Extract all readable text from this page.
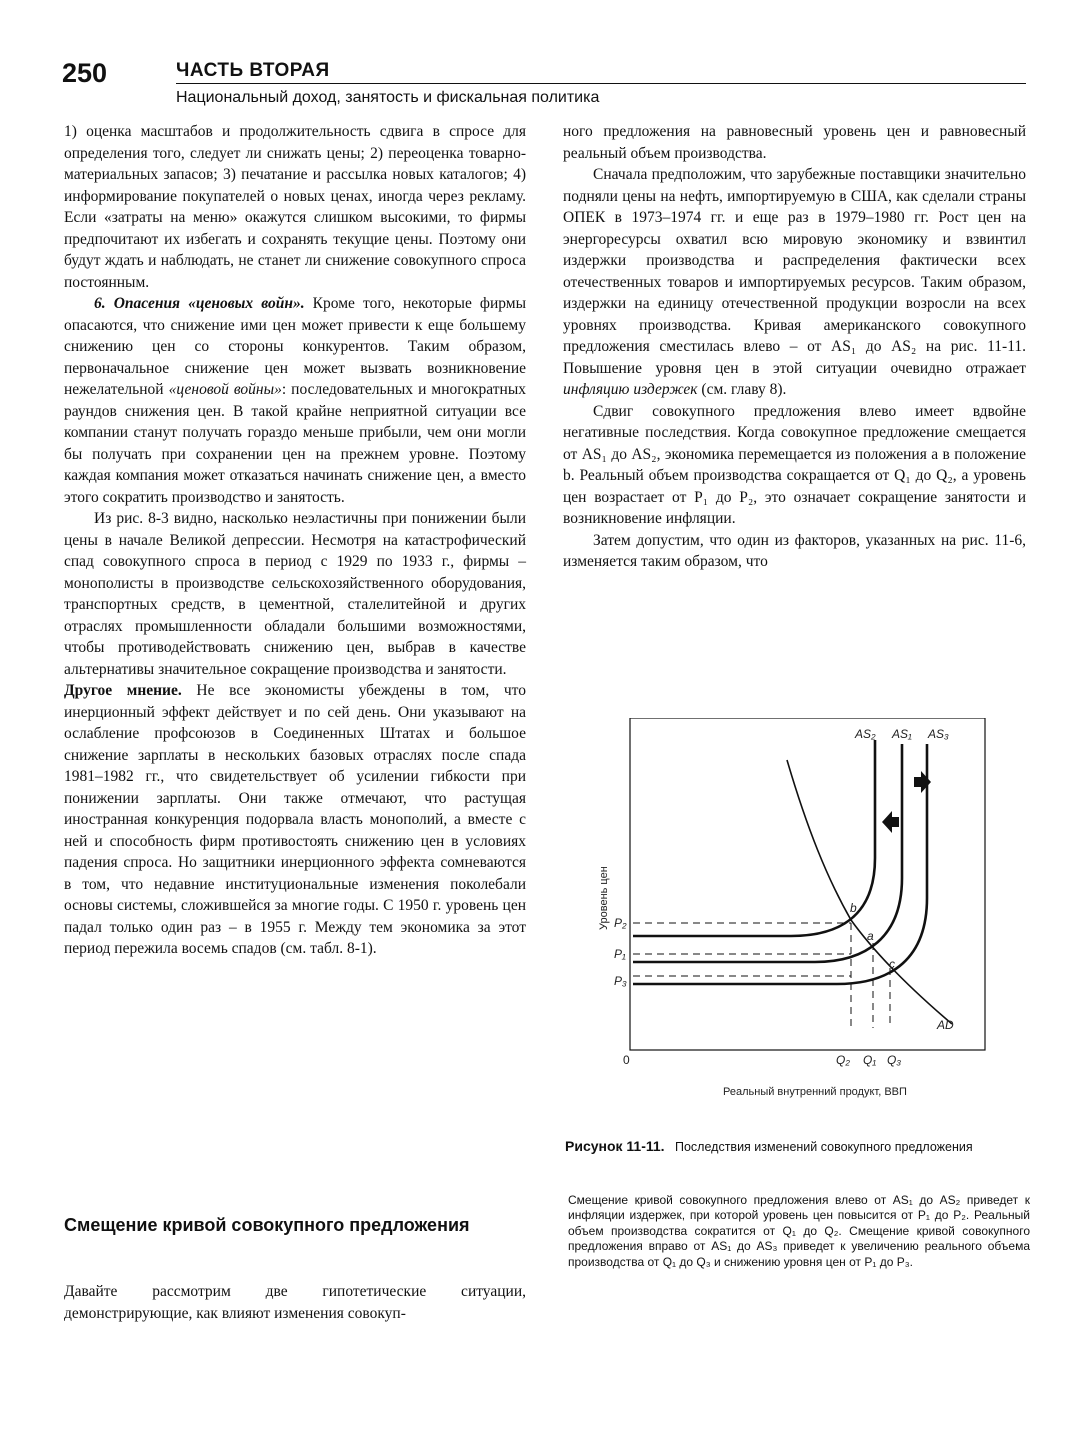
250	ЧАСТЬ ВТОРАЯ
Национальный доход, занятость и фискальная политика

1) оценка масштабов и продолжительность сдвига в спросе для определения того, следует ли снижать цены; 2) переоценка товарно-материальных запасов; 3) печатание и рассылка новых каталогов; 4) информирование покупателей о новых ценах, иногда через рекламу. Если «затраты на меню» окажутся слишком высокими, то фирмы предпочитают их избегать и сохранять текущие цены. Поэтому они будут ждать и наблюдать, не станет ли снижение совокупного спроса постоянным.

6. Опасения «ценовых войн». Кроме того, некоторые фирмы опасаются, что снижение ими цен может привести к еще большему снижению цен со стороны конкурентов. Таким образом, первоначальное снижение цен может вызвать возникновение нежелательной «ценовой войны»: последовательных и многократных раундов снижения цен. В такой крайне неприятной ситуации все компании станут получать гораздо меньше прибыли, чем они могли бы получать при сохранении цен на прежнем уровне. Поэтому каждая компания может отказаться начинать снижение цен, а вместо этого сократить производство и занятость.

Из рис. 8-3 видно, насколько неэластичны при понижении были цены в начале Великой депрессии. Несмотря на катастрофический спад совокупного спроса в период с 1929 по 1933 г., фирмы – монополисты в производстве сельскохозяйственного оборудования, транспортных средств, в цементной, сталелитейной и других отраслях промышленности обладали большими возможностями, чтобы противодействовать снижению цен, выбрав в качестве альтернативы значительное сокращение производства и занятости.

Другое мнение. Не все экономисты убеждены в том, что инерционный эффект действует и по сей день. Они указывают на ослабление профсоюзов в Соединенных Штатах и большое снижение зарплаты в нескольких базовых отраслях после спада 1981–1982 гг., что свидетельствует об усилении гибкости при понижении зарплаты. Они также отмечают, что растущая иностранная конкуренция подорвала власть монополий, а вместе с ней и способность фирм противостоять снижению цен в условиях падения спроса. Но защитники инерционного эффекта сомневаются в том, что недавние институциональные изменения поколебали основы системы, сложившейся за многие годы. С 1950 г. уровень цен падал только один раз – в 1955 г. Между тем экономика за этот период пережила восемь спадов (см. табл. 8-1).

Смещение кривой совокупного предложения
Давайте рассмотрим две гипотетические ситуации, демонстрирующие, как влияют изменения совокуп-

ного предложения на равновесный уровень цен и равновесный реальный объем производства.

Сначала предположим, что зарубежные поставщики значительно подняли цены на нефть, импортируемую в США, как сделали страны ОПЕК в 1973–1974 гг. и еще раз в 1979–1980 гг. Рост цен на энергоресурсы охватил всю мировую экономику и взвинтил издержки производства и распределения фактически всех отечественных товаров и импортируемых ресурсов. Таким образом, издержки на единицу отечественной продукции возросли на всех уровнях производства. Кривая американского совокупного предложения сместилась влево – от AS₁ до AS₂ на рис. 11-11. Повышение уровня цен в этой ситуации очевидно отражает инфляцию издержек (см. главу 8).

Сдвиг совокупного предложения влево имеет вдвойне негативные последствия. Когда совокупное предложение смещается от AS₁ до AS₂, экономика перемещается из положения a в положение b. Реальный объем производства сокращается от Q₁ до Q₂, а уровень цен возрастает от P₁ до P₂, это означает сокращение занятости и возникновение инфляции.

Затем допустим, что один из факторов, указанных на рис. 11-6, изменяется таким образом, что

AS₂ AS₁ AS₃
AD
a
b
c
P₂
P₁
P₃
Q₂ Q₁ Q₃
0
Уровень цен
Реальный внутренний продукт, ВВП
Рисунок 11-11. Последствия изменений совокупного предложения
Смещение кривой совокупного предложения влево от AS₁ до AS₂ приведет к инфляции издержек, при которой уровень цен повысится от P₁ до P₂. Реальный объем производства сократится от Q₁ до Q₂. Смещение кривой совокупного предложения вправо от AS₁ до AS₃ приведет к увеличению реального объема производства от Q₁ до Q₃ и снижению уровня цен от P₁ до P₃.
